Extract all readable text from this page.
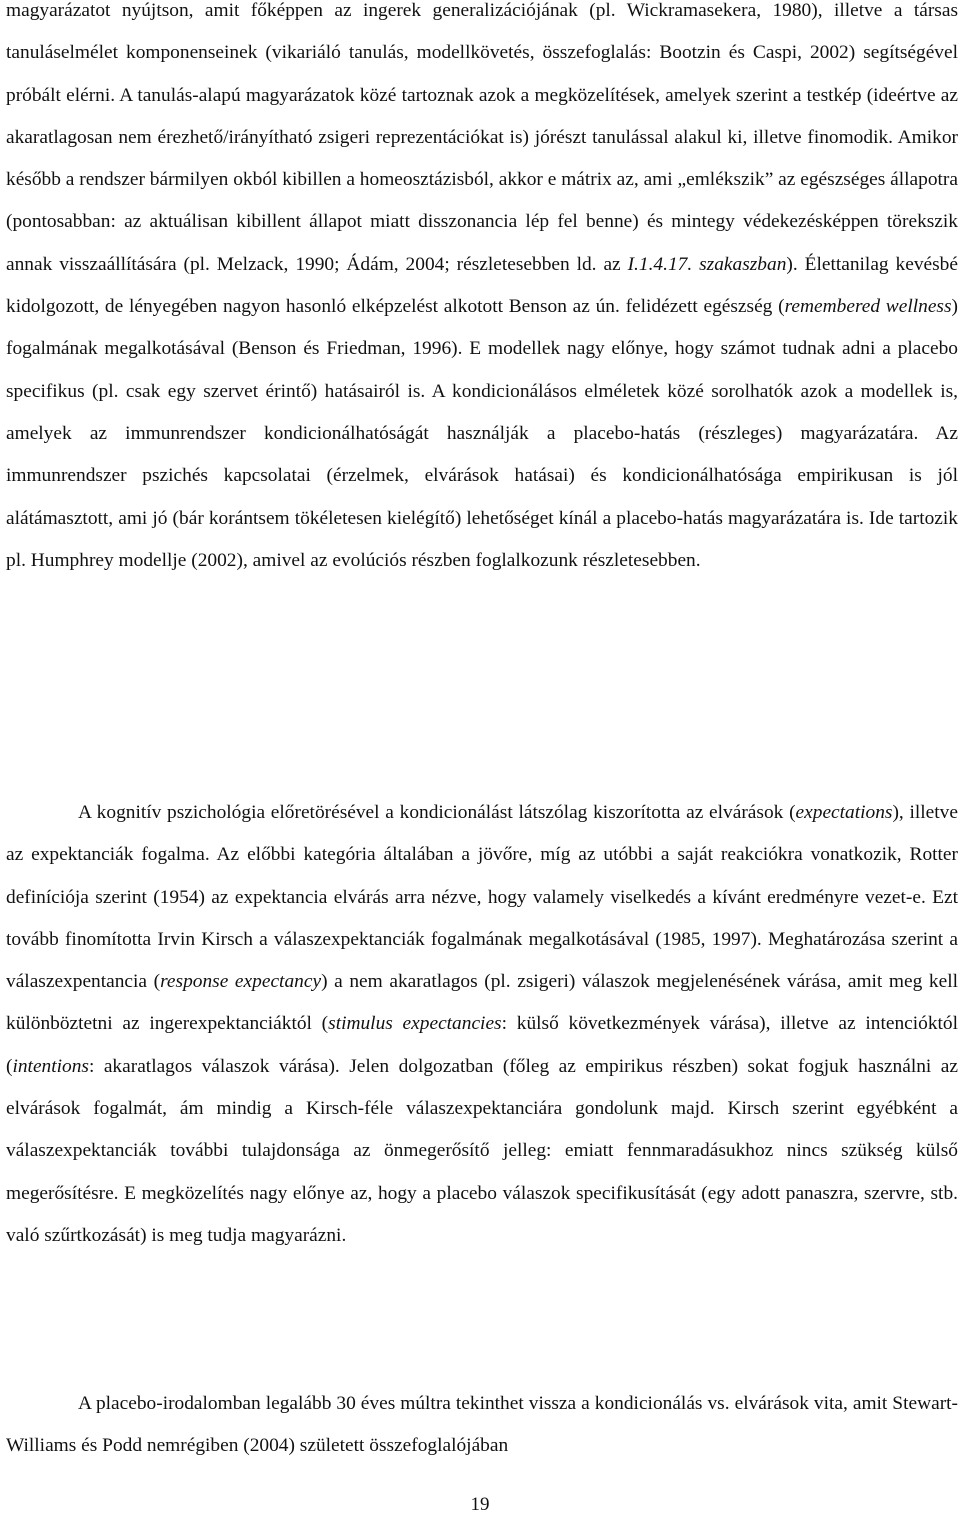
magyarázatot nyújtson, amit főképpen az ingerek generalizációjának (pl. Wickramasekera, 1980), illetve a társas tanuláselmélet komponenseinek (vikariáló tanulás, modellkövetés, összefoglalás: Bootzin és Caspi, 2002) segítségével próbált elérni. A tanulás-alapú magyarázatok közé tartoznak azok a megközelítések, amelyek szerint a testkép (ideértve az akaratlagosan nem érezhető/irányítható zsigeri reprezentációkat is) jórészt tanulással alakul ki, illetve finomodik. Amikor később a rendszer bármilyen okból kibillen a homeosztázisból, akkor e mátrix az, ami „emlékszik” az egészséges állapotra (pontosabban: az aktuálisan kibillent állapot miatt disszonancia lép fel benne) és mintegy védekezésképpen törekszik annak visszaállítására (pl. Melzack, 1990; Ádám, 2004; részletesebben ld. az I.1.4.17. szakaszban). Élettanilag kevésbé kidolgozott, de lényegében nagyon hasonló elképzelést alkotott Benson az ún. felidézett egészség (remembered wellness) fogalmának megalkotásával (Benson és Friedman, 1996). E modellek nagy előnye, hogy számot tudnak adni a placebo specifikus (pl. csak egy szervet érintő) hatásairól is. A kondicionálásos elméletek közé sorolhatók azok a modellek is, amelyek az immunrendszer kondicionálhatóságát használják a placebo-hatás (részleges) magyarázatára. Az immunrendszer pszichés kapcsolatai (érzelmek, elvárások hatásai) és kondicionálhatósága empirikusan is jól alátámasztott, ami jó (bár korántsem tökéletesen kielégítő) lehetőséget kínál a placebo-hatás magyarázatára is. Ide tartozik pl. Humphrey modellje (2002), amivel az evolúciós részben foglalkozunk részletesebben.

A kognitív pszichológia előretörésével a kondicionálást látszólag kiszorította az elvárások (expectations), illetve az expektanciák fogalma. Az előbbi kategória általában a jövőre, míg az utóbbi a saját reakciókra vonatkozik, Rotter definíciója szerint (1954) az expektancia elvárás arra nézve, hogy valamely viselkedés a kívánt eredményre vezet-e. Ezt tovább finomította Irvin Kirsch a válaszexpektanciák fogalmának megalkotásával (1985, 1997). Meghatározása szerint a válaszexpentancia (response expectancy) a nem akaratlagos (pl. zsigeri) válaszok megjelenésének várása, amit meg kell különböztetni az ingerexpektanciáktól (stimulus expectancies: külső következmények várása), illetve az intencióktól (intentions: akaratlagos válaszok várása). Jelen dolgozatban (főleg az empirikus részben) sokat fogjuk használni az elvárások fogalmát, ám mindig a Kirsch-féle válaszexpektanciára gondolunk majd. Kirsch szerint egyébként a válaszexpektanciák további tulajdonsága az önmegerősítő jelleg: emiatt fennmaradásukhoz nincs szükség külső megerősítésre. E megközelítés nagy előnye az, hogy a placebo válaszok specifikusítását (egy adott panaszra, szervre, stb. való szűrtkozását) is meg tudja magyarázni.

A placebo-irodalomban legalább 30 éves múltra tekinthet vissza a kondicionálás vs. elvárások vita, amit Stewart-Williams és Podd nemrégiben (2004) született összefoglalójában

19
